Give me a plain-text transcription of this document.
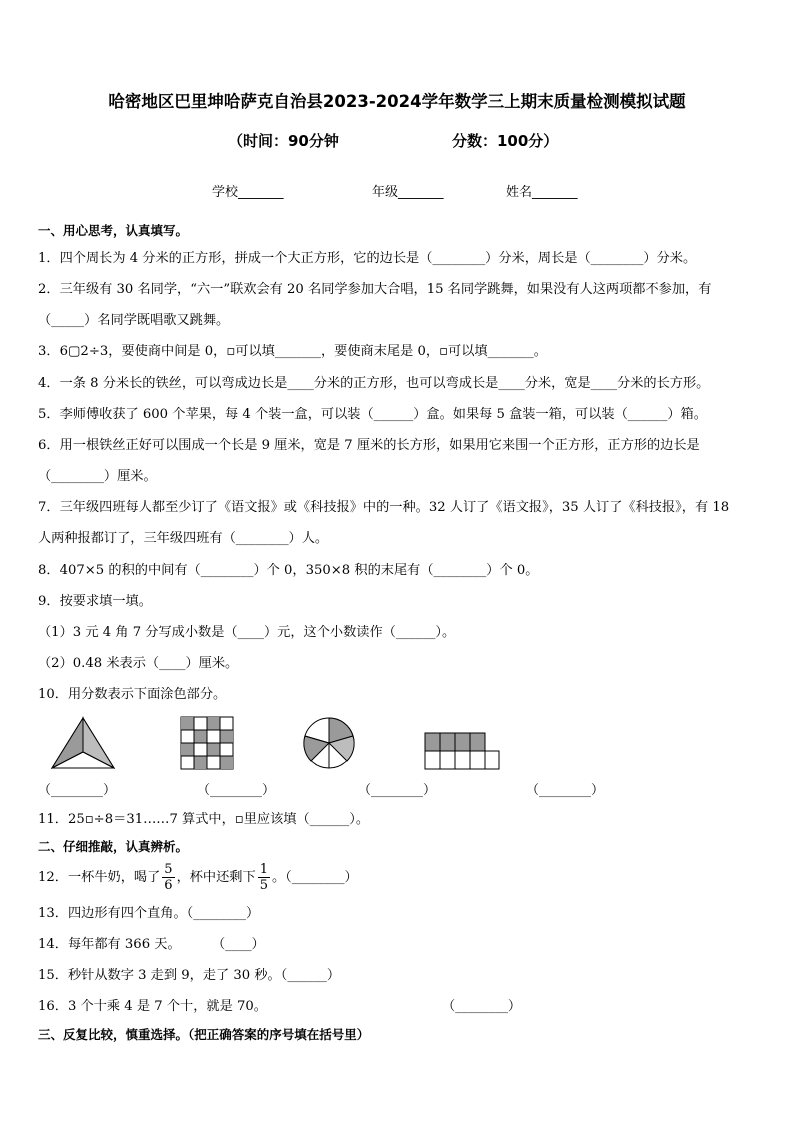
哈密地区巴里坤哈萨克自治县2023-2024学年数学三上期末质量检测模拟试题
（时间：90分钟	分数：100分）
学校_______	年级_______	姓名_______
一、用心思考，认真填写。
1．四个周长为 4 分米的正方形，拼成一个大正方形，它的边长是（________）分米，周长是（________）分米。
2．三年级有 30 名同学，“六一”联欢会有 20 名同学参加大合唱，15 名同学跳舞，如果没有人这两项都不参加，有
（_____）名同学既唱歌又跳舞。
3．6▢2÷3，要使商中间是 0，▫可以填_______，要使商末尾是 0，▫可以填_______。
4．一条 8 分米长的铁丝，可以弯成边长是____分米的正方形，也可以弯成长是____分米，宽是____分米的长方形。
5．李师傅收获了 600 个苹果，每 4 个装一盒，可以装（______）盒。如果每 5 盒装一箱，可以装（______）箱。
6．用一根铁丝正好可以围成一个长是 9 厘米，宽是 7 厘米的长方形，如果用它来围一个正方形，正方形的边长是
（________）厘米。
7．三年级四班每人都至少订了《语文报》或《科技报》中的一种。32 人订了《语文报》，35 人订了《科技报》，有 18
人两种报都订了，三年级四班有（________）人。
8．407×5 的积的中间有（________）个 0，350×8 积的末尾有（________）个 0。
9．按要求填一填。
（1）3 元 4 角 7 分写成小数是（____）元，这个小数读作（______）。
（2）0.48 米表示（____）厘米。
10．用分数表示下面涂色部分。
（________）	（________）	（________）	（________）
11．25▫÷8＝31……7 算式中，▫里应该填（______）。
二、仔细推敲，认真辨析。
12．一杯牛奶，喝了 $\frac{5}{6}$ ，杯中还剩下 $\frac{1}{5}$ 。（________）
13．四边形有四个直角。（________）
14．每年都有 366 天。 （____）
15．秒针从数字 3 走到 9，走了 30 秒。（______）
16．3 个十乘 4 是 7 个十，就是 70。	（________）
三、反复比较，慎重选择。（把正确答案的序号填在括号里）
